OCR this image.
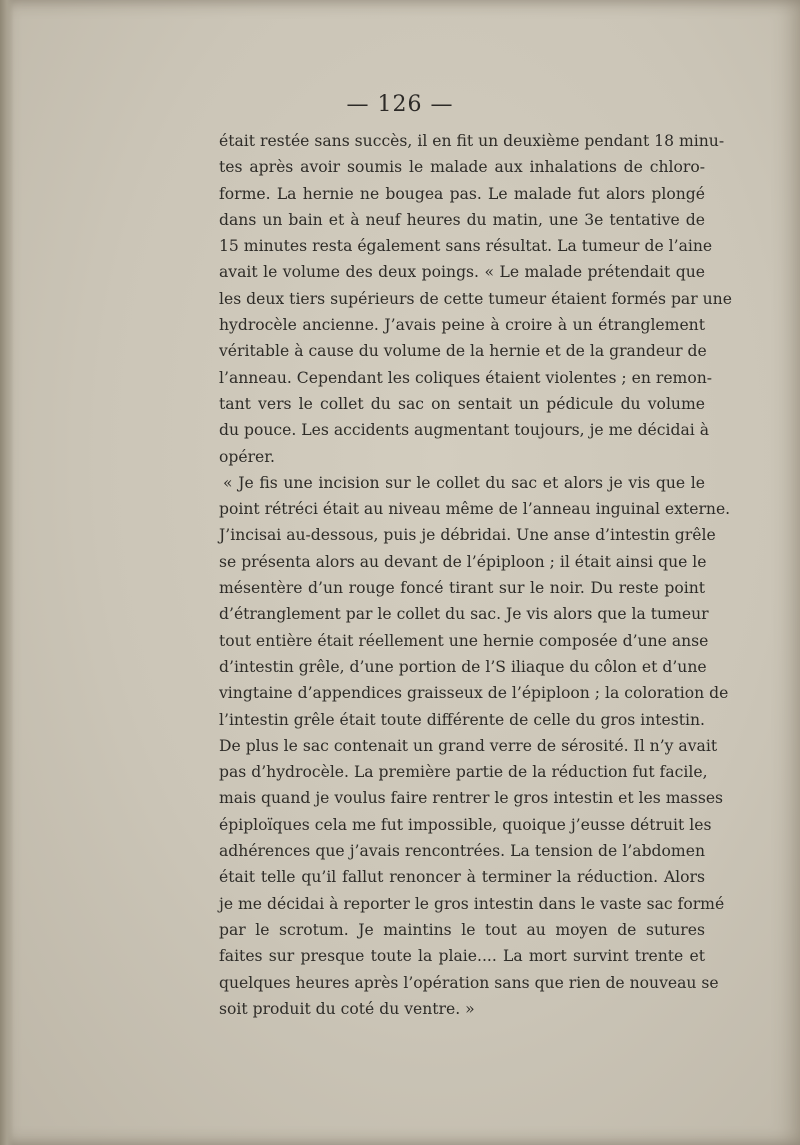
— 126 —
était restée sans succès, il en fit un deuxième pendant 18 minu-
tes après avoir soumis le malade aux inhalations de chloro-
forme. La hernie ne bougea pas. Le malade fut alors plongé
dans un bain et à neuf heures du matin, une 3e tentative de
15 minutes resta également sans résultat. La tumeur de l’aine
avait le volume des deux poings. « Le malade prétendait que
les deux tiers supérieurs de cette tumeur étaient formés par une
hydrocèle ancienne. J’avais peine à croire à un étranglement
véritable à cause du volume de la hernie et de la grandeur de
l’anneau. Cependant les coliques étaient violentes ; en remon-
tant vers le collet du sac on sentait un pédicule du volume
du pouce. Les accidents augmentant toujours, je me décidai à
opérer.
« Je fis une incision sur le collet du sac et alors je vis que le
point rétréci était au niveau même de l’anneau inguinal externe.
J’incisai au-dessous, puis je débridai. Une anse d’intestin grêle
se présenta alors au devant de l’épiploon ; il était ainsi que le
mésentère d’un rouge foncé tirant sur le noir. Du reste point
d’étranglement par le collet du sac. Je vis alors que la tumeur
tout entière était réellement une hernie composée d’une anse
d’intestin grêle, d’une portion de l’S iliaque du côlon et d’une
vingtaine d’appendices graisseux de l’épiploon ; la coloration de
l’intestin grêle était toute différente de celle du gros intestin.
De plus le sac contenait un grand verre de sérosité. Il n’y avait
pas d’hydrocèle. La première partie de la réduction fut facile,
mais quand je voulus faire rentrer le gros intestin et les masses
épiploïques cela me fut impossible, quoique j’eusse détruit les
adhérences que j’avais rencontrées. La tension de l’abdomen
était telle qu’il fallut renoncer à terminer la réduction. Alors
je me décidai à reporter le gros intestin dans le vaste sac formé
par le scrotum. Je maintins le tout au moyen de sutures
faites sur presque toute la plaie.... La mort survint trente et
quelques heures après l’opération sans que rien de nouveau se
soit produit du coté du ventre. »
